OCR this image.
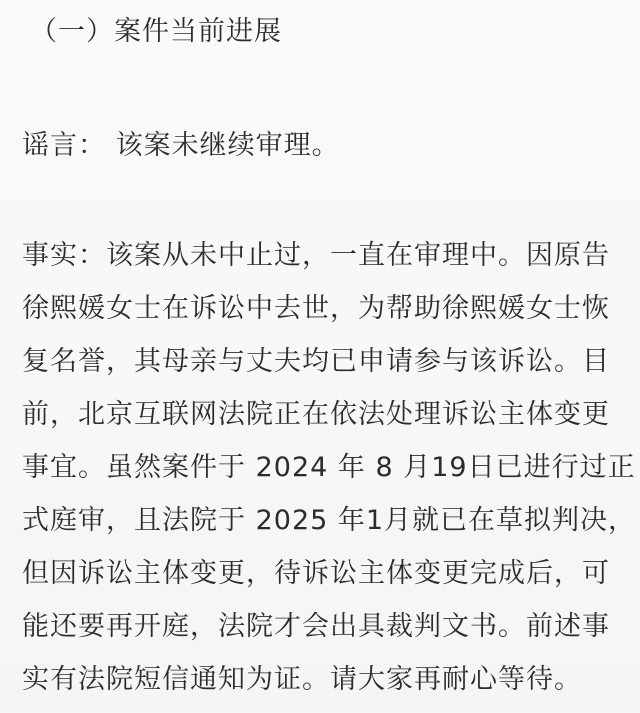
（一）案件当前进展
谣言： 该案未继续审理。
事实：该案从未中止过，一直在审理中。因原告
徐熙媛女士在诉讼中去世，为帮助徐熙媛女士恢
复名誉，其母亲与丈夫均已申请参与该诉讼。目
前，北京互联网法院正在依法处理诉讼主体变更
事宜。虽然案件于 2024 年 8 月19日已进行过正
式庭审，且法院于 2025 年1月就已在草拟判决，
但因诉讼主体变更，待诉讼主体变更完成后，可
能还要再开庭，法院才会出具裁判文书。前述事
实有法院短信通知为证。请大家再耐心等待。
